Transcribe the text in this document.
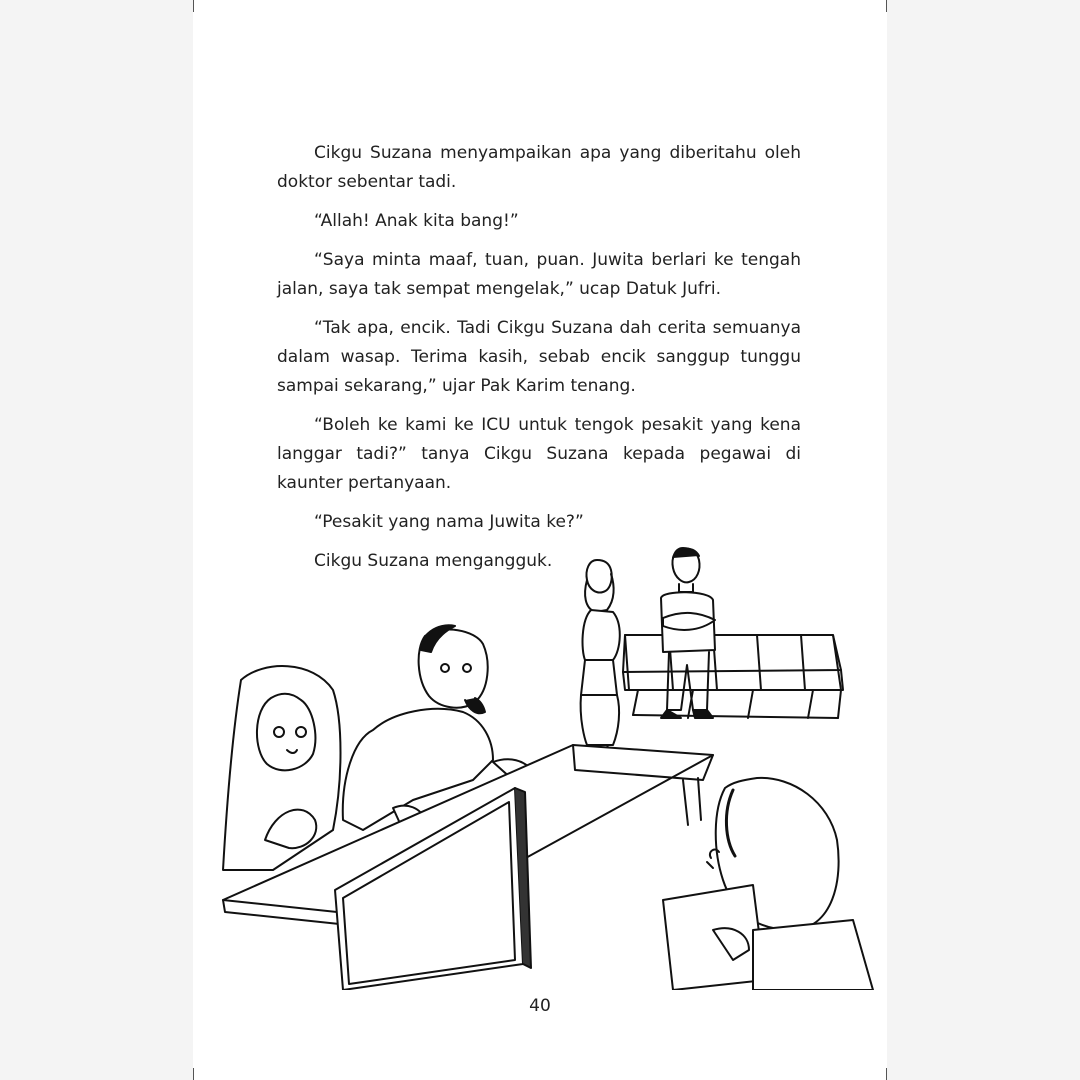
Cikgu Suzana menyampaikan apa yang diberitahu oleh doktor sebentar tadi.

“Allah! Anak kita bang!”

“Saya minta maaf, tuan, puan. Juwita berlari ke tengah jalan, saya tak sempat mengelak,” ucap Datuk Jufri.

“Tak apa, encik. Tadi Cikgu Suzana dah cerita semuanya dalam wasap. Terima kasih, sebab encik sanggup tunggu sampai sekarang,” ujar Pak Karim tenang.

“Boleh ke kami ke ICU untuk tengok pesakit yang kena langgar tadi?” tanya Cikgu Suzana kepada pegawai di kaunter pertanyaan.

“Pesakit yang nama Juwita ke?”

Cikgu Suzana mengangguk.

40
